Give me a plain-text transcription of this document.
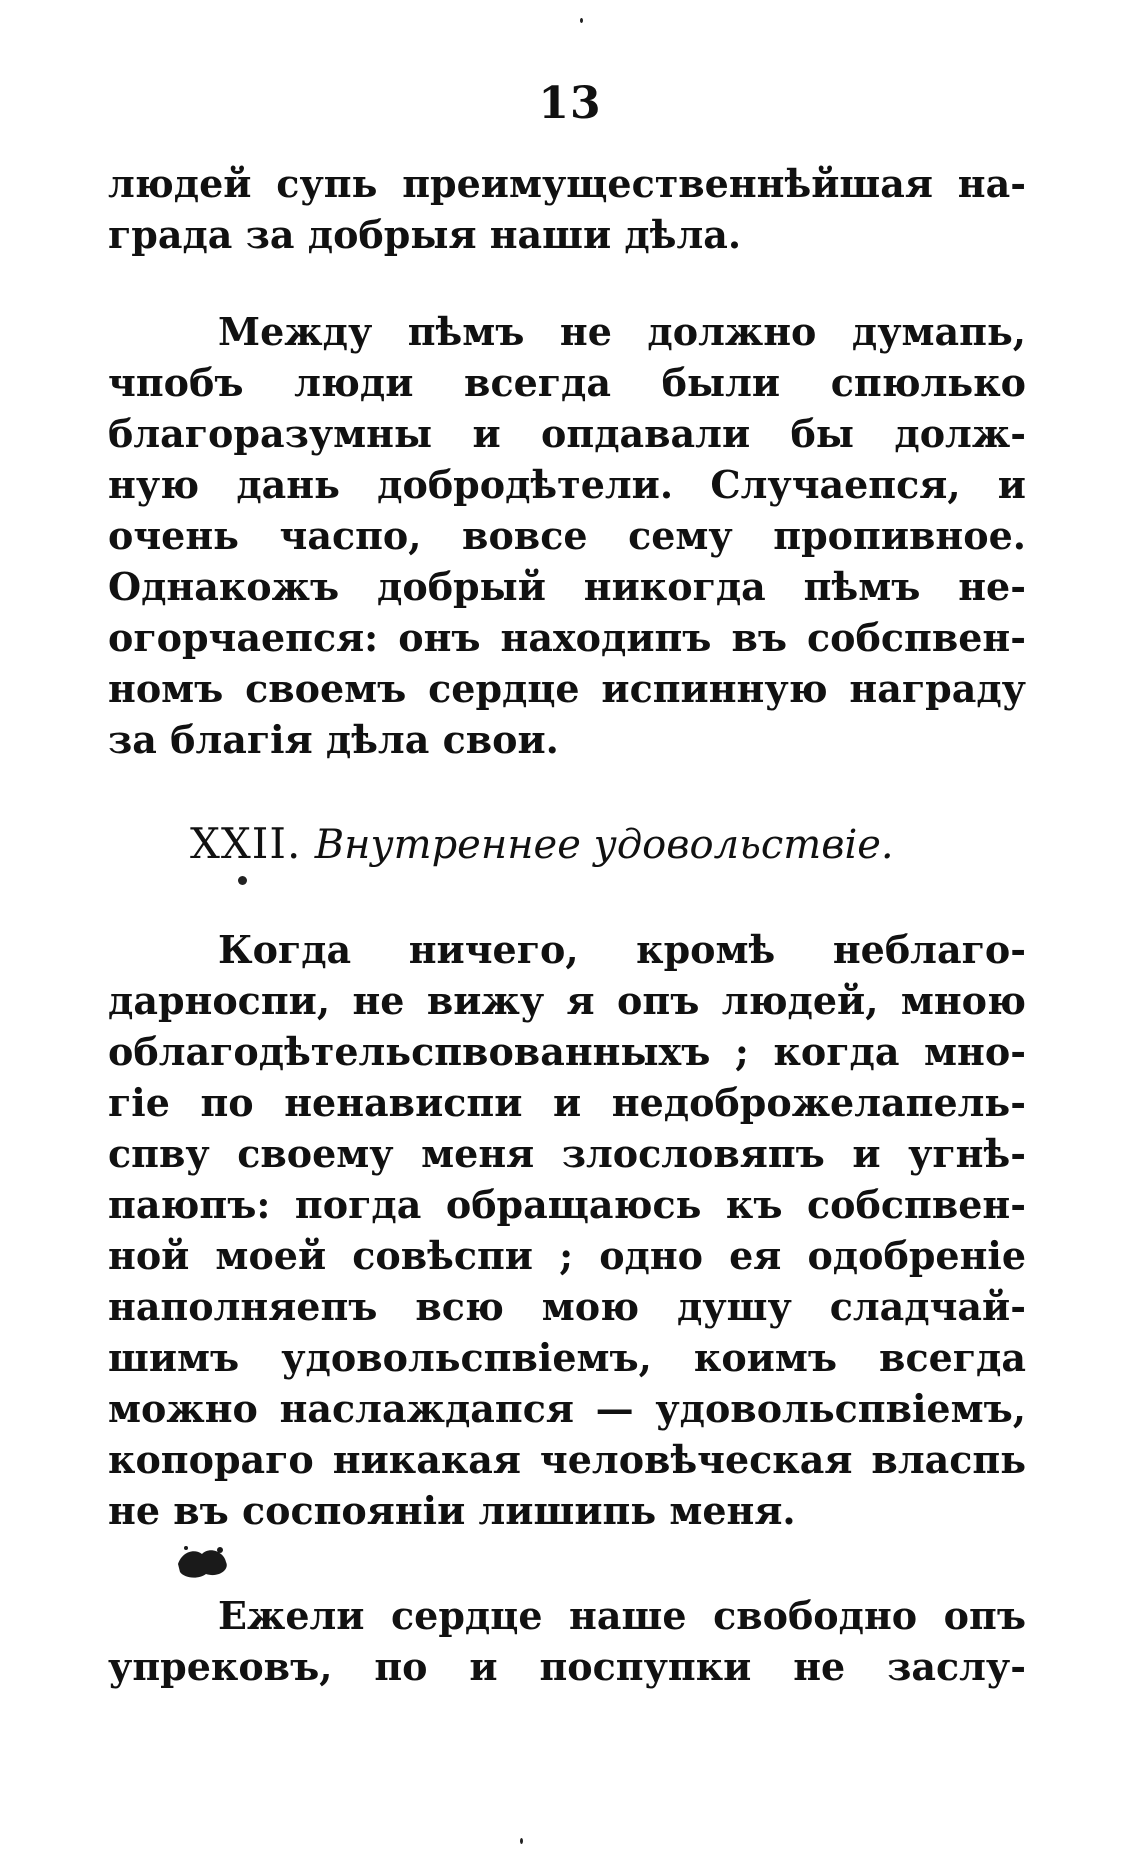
13
людей супь преимущественнѣйшая на-
града за добрыя наши дѣла.
Между пѣмъ не должно думапь,
чпобъ люди всегда были спюлько
благоразумны и опдавали бы долж-
ную дань добродѣтели. Случаепся, и
очень часпо, вовсе сему пропивное.
Однакожъ добрый никогда пѣмъ не-
огорчаепся: онъ находипъ въ собспвен-
номъ своемъ сердце испинную награду
за благія дѣла свои.
XXII. Внутреннее удовольствіе.
Когда ничего, кромѣ неблаго-
дарноспи, не вижу я опъ людей, мною
облагодѣтельспвованныхъ ; когда мно-
гіе по ненависпи и недоброжелапель-
спву своему меня злословяпъ и угнѣ-
паюпъ: погда обращаюсь къ собспвен-
ной моей совѣспи ; одно ея одобреніе
наполняепъ всю мою душу сладчай-
шимъ удовольспвіемъ, коимъ всегда
можно наслаждапся — удовольспвіемъ,
копораго никакая человѣческая власпь
не въ соспояніи лишипь меня.
Ежели сердце наше свободно опъ
упрековъ, по и поспупки не заслу-
